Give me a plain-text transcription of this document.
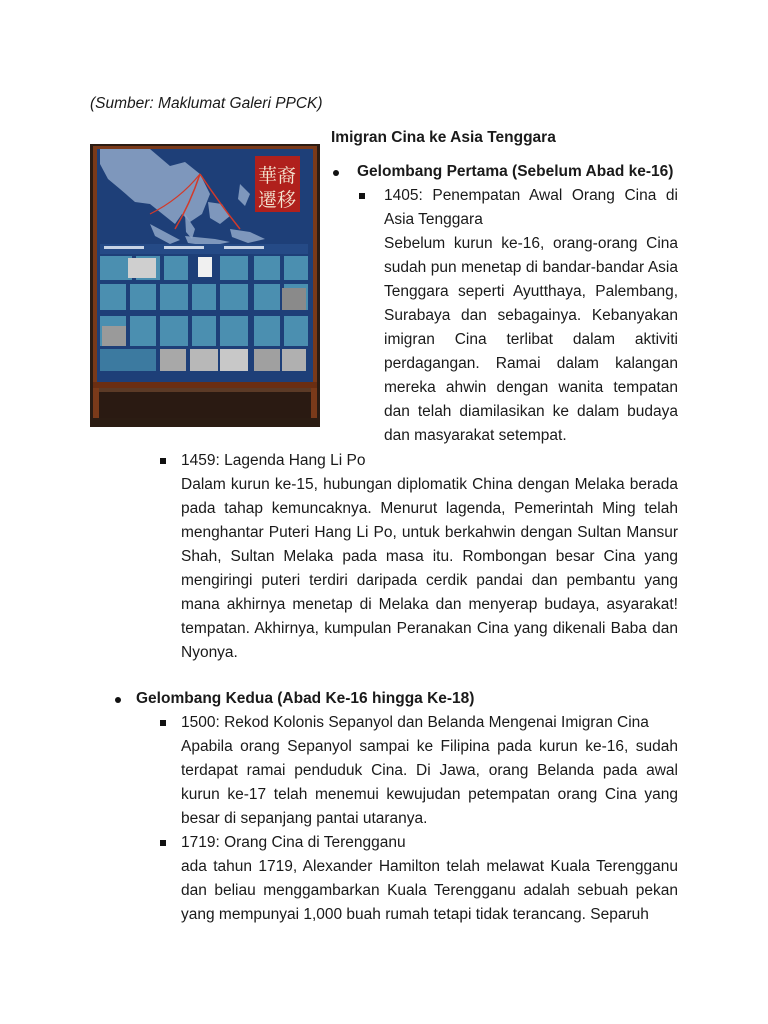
(Sumber: Maklumat Galeri PPCK)
華裔
遷移
Imigran Cina ke Asia Tenggara
Gelombang Pertama (Sebelum Abad ke-16)
1405: Penempatan Awal Orang Cina di Asia Tenggara
Sebelum kurun ke-16, orang-orang Cina sudah pun menetap di bandar-bandar Asia Tenggara seperti Ayutthaya, Palembang, Surabaya dan sebagainya. Kebanyakan imigran Cina terlibat dalam aktiviti perdagangan. Ramai dalam kalangan mereka ahwin dengan wanita tempatan dan telah diamilasikan ke dalam budaya dan masyarakat setempat.
1459: Lagenda Hang Li Po
Dalam kurun ke-15, hubungan diplomatik China dengan Melaka berada pada tahap kemuncaknya. Menurut lagenda, Pemerintah Ming telah menghantar Puteri Hang Li Po, untuk berkahwin dengan Sultan Mansur Shah, Sultan Melaka pada masa itu. Rombongan besar Cina yang mengiringi puteri terdiri daripada cerdik pandai dan pembantu yang mana akhirnya menetap di Melaka dan menyerap budaya, asyarakat! tempatan. Akhirnya, kumpulan Peranakan Cina yang dikenali Baba dan Nyonya.
Gelombang Kedua (Abad Ke-16 hingga Ke-18)
1500: Rekod Kolonis Sepanyol dan Belanda Mengenai Imigran Cina
Apabila orang Sepanyol sampai ke Filipina pada kurun ke-16, sudah terdapat ramai penduduk Cina. Di Jawa, orang Belanda pada awal kurun ke-17 telah menemui kewujudan petempatan orang Cina yang besar di sepanjang pantai utaranya.
1719: Orang Cina di Terengganu
ada tahun 1719, Alexander Hamilton telah melawat Kuala Terengganu dan beliau menggambarkan Kuala Terengganu adalah sebuah pekan yang mempunyai 1,000 buah rumah tetapi tidak terancang. Separuh
